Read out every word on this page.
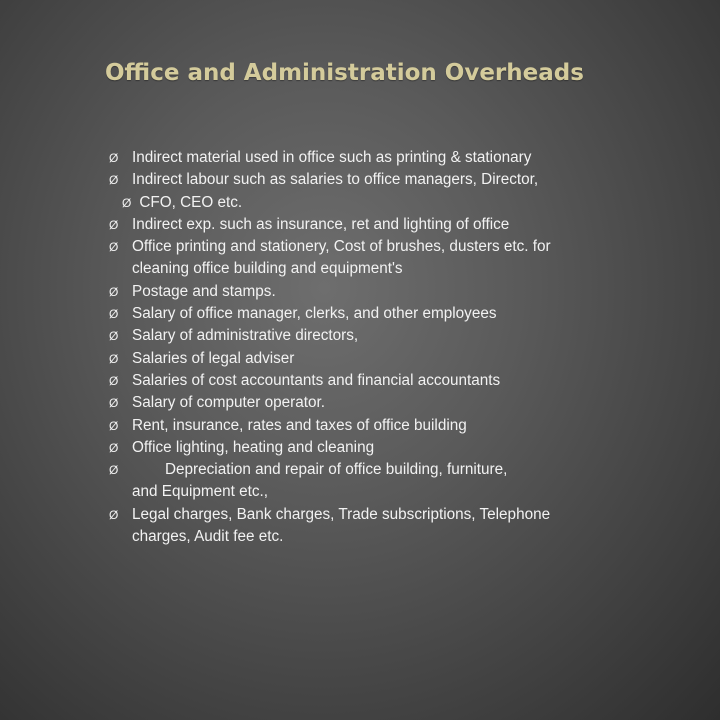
Office and Administration Overheads
Ø Indirect material used in office such as printing & stationary
Ø Indirect labour such as salaries to office managers, Director,
Ø CFO, CEO etc.
Ø Indirect exp. such as insurance, ret and lighting of office
Ø Office printing and stationery, Cost of brushes, dusters etc. for
cleaning office building and equipment's
Ø Postage and stamps.
Ø Salary of office manager, clerks, and other employees
Ø Salary of administrative directors,
Ø Salaries of legal adviser
Ø Salaries of cost accountants and financial accountants
Ø Salary of computer operator.
Ø Rent, insurance, rates and taxes of office building
Ø Office lighting, heating and cleaning
Ø	Depreciation and repair of office building, furniture,
and Equipment etc.,
Ø Legal charges, Bank charges, Trade subscriptions, Telephone
charges, Audit fee etc.
